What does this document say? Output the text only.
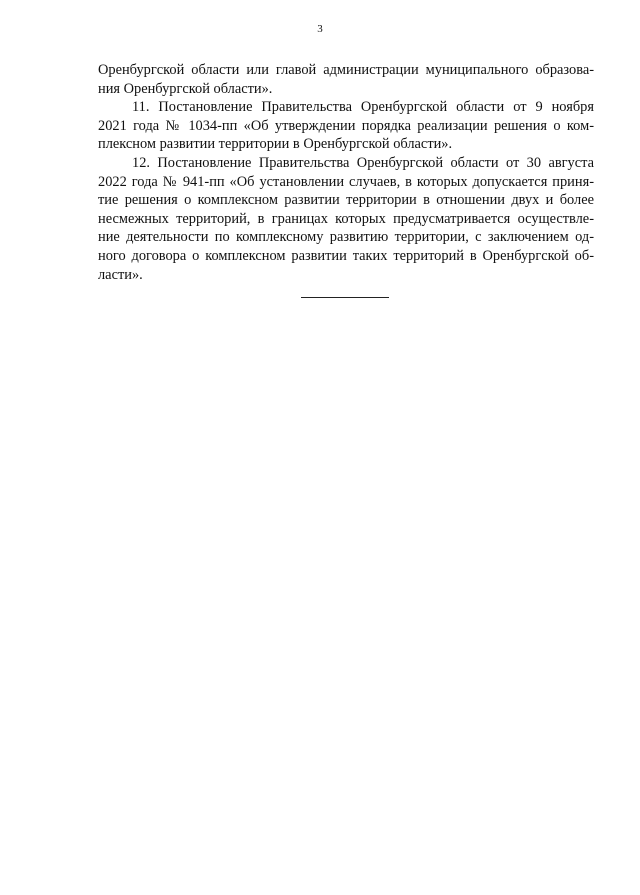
3
Оренбургской области или главой администрации муниципального образова-
ния Оренбургской области».
11. Постановление Правительства Оренбургской области от 9 ноября
2021 года № 1034-пп «Об утверждении порядка реализации решения о ком-
плексном развитии территории в Оренбургской области».
12. Постановление Правительства Оренбургской области от 30 августа
2022 года № 941-пп «Об установлении случаев, в которых допускается приня-
тие решения о комплексном развитии территории в отношении двух и более
несмежных территорий, в границах которых предусматривается осуществле-
ние деятельности по комплексному развитию территории, с заключением од-
ного договора о комплексном развитии таких территорий в Оренбургской об-
ласти».
